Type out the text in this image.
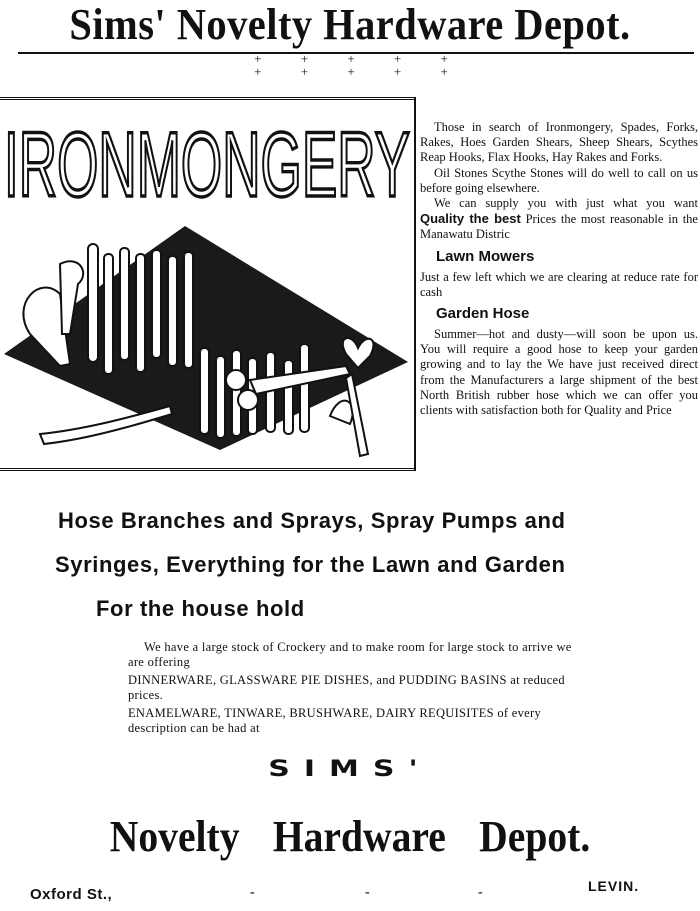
Sims' Novelty Hardware Depot.
+ + + + +
+ + + + +
IRONMONGERY	Those in search of Ironmongery, Spades, Forks, Rakes, Hoes Garden Shears, Sheep Shears, Scythes Reap Hooks, Flax Hooks, Hay Rakes and Forks.

Oil Stones Scythe Stones will do well to call on us before going elsewhere.

We can supply you with just what you want Quality the best Prices the most reasonable in the Manawatu Distric

Lawn Mowers

Just a few left which we are clearing at reduce rate for cash

Garden Hose

Summer—hot and dusty—will soon be upon us. You will require a good hose to keep your garden growing and to lay the We have just received direct from the Manufacturers a large shipment of the best North British rubber hose which we can offer you clients with satisfaction both for Quality and Price

Hose Branches and Sprays, Spray Pumps and
Syringes, Everything for the Lawn and Garden
For the house hold

We have a large stock of Crockery and to make room for large stock to arrive we are offering

DINNERWARE, GLASSWARE PIE DISHES, and PUDDING BASINS at reduced prices.

ENAMELWARE, TINWARE, BRUSHWARE, DAIRY REQUISITES of every description can be had at

SIMS'
Novelty Hardware Depot.
Oxford St.,	-	-	-	LEVIN.
